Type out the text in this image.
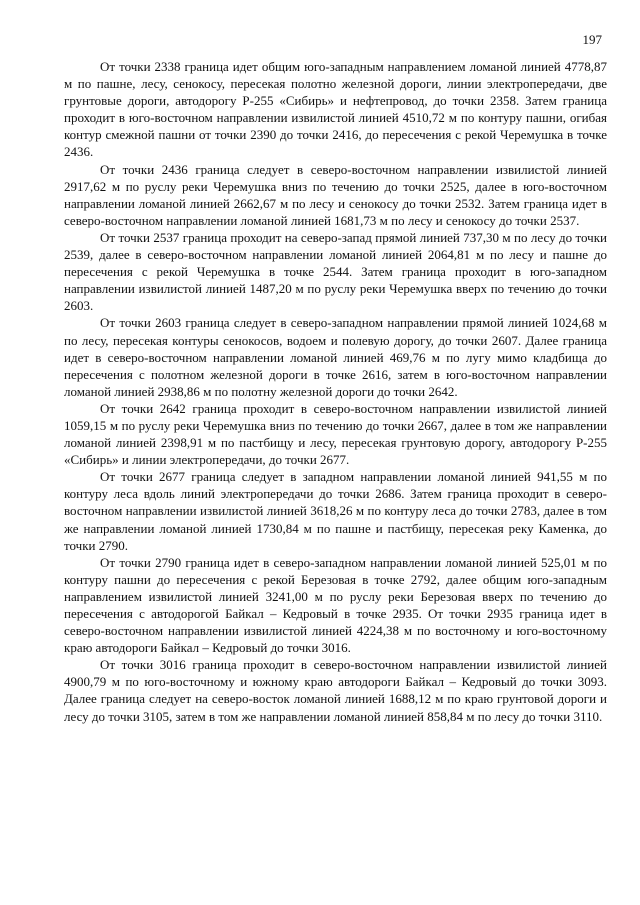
197

От точки 2338 граница идет общим юго-западным направлением ломаной линией 4778,87 м по пашне, лесу, сенокосу, пересекая полотно железной дороги, линии электропередачи, две грунтовые дороги, автодорогу Р-255 «Сибирь» и нефтепровод, до точки 2358. Затем граница проходит в юго-восточном направлении извилистой линией 4510,72 м по контуру пашни, огибая контур смежной пашни от точки 2390 до точки 2416, до пересечения с рекой Черемушка в точке 2436.

От точки 2436 граница следует в северо-восточном направлении извилистой линией 2917,62 м по руслу реки Черемушка вниз по течению до точки 2525, далее в юго-восточном направлении ломаной линией 2662,67 м по лесу и сенокосу до точки 2532. Затем граница идет в северо-восточном направлении ломаной линией 1681,73 м по лесу и сенокосу до точки 2537.

От точки 2537 граница проходит на северо-запад прямой линией 737,30 м по лесу до точки 2539, далее в северо-восточном направлении ломаной линией 2064,81 м по лесу и пашне до пересечения с рекой Черемушка в точке 2544. Затем граница проходит в юго-западном направлении извилистой линией 1487,20 м по руслу реки Черемушка вверх по течению до точки 2603.

От точки 2603 граница следует в северо-западном направлении прямой линией 1024,68 м по лесу, пересекая контуры сенокосов, водоем и полевую дорогу, до точки 2607. Далее граница идет в северо-восточном направлении ломаной линией 469,76 м по лугу мимо кладбища до пересечения с полотном железной дороги в точке 2616, затем в юго-восточном направлении ломаной линией 2938,86 м по полотну железной дороги до точки 2642.

От точки 2642 граница проходит в северо-восточном направлении извилистой линией 1059,15 м по руслу реки Черемушка вниз по течению до точки 2667, далее в том же направлении ломаной линией 2398,91 м по пастбищу и лесу, пересекая грунтовую дорогу, автодорогу Р-255 «Сибирь» и линии электропередачи, до точки 2677.

От точки 2677 граница следует в западном направлении ломаной линией 941,55 м по контуру леса вдоль линий электропередачи до точки 2686. Затем граница проходит в северо-восточном направлении извилистой линией 3618,26 м по контуру леса до точки 2783, далее в том же направлении ломаной линией 1730,84 м по пашне и пастбищу, пересекая реку Каменка, до точки 2790.

От точки 2790 граница идет в северо-западном направлении ломаной линией 525,01 м по контуру пашни до пересечения с рекой Березовая в точке 2792, далее общим юго-западным направлением извилистой линией 3241,00 м по руслу реки Березовая вверх по течению до пересечения с автодорогой Байкал – Кедровый в точке 2935. От точки 2935 граница идет в северо-восточном направлении извилистой линией 4224,38 м по восточному и юго-восточному краю автодороги Байкал – Кедровый до точки 3016.

От точки 3016 граница проходит в северо-восточном направлении извилистой линией 4900,79 м по юго-восточному и южному краю автодороги Байкал – Кедровый до точки 3093. Далее граница следует на северо-восток ломаной линией 1688,12 м по краю грунтовой дороги и лесу до точки 3105, затем в том же направлении ломаной линией 858,84 м по лесу до точки 3110.
